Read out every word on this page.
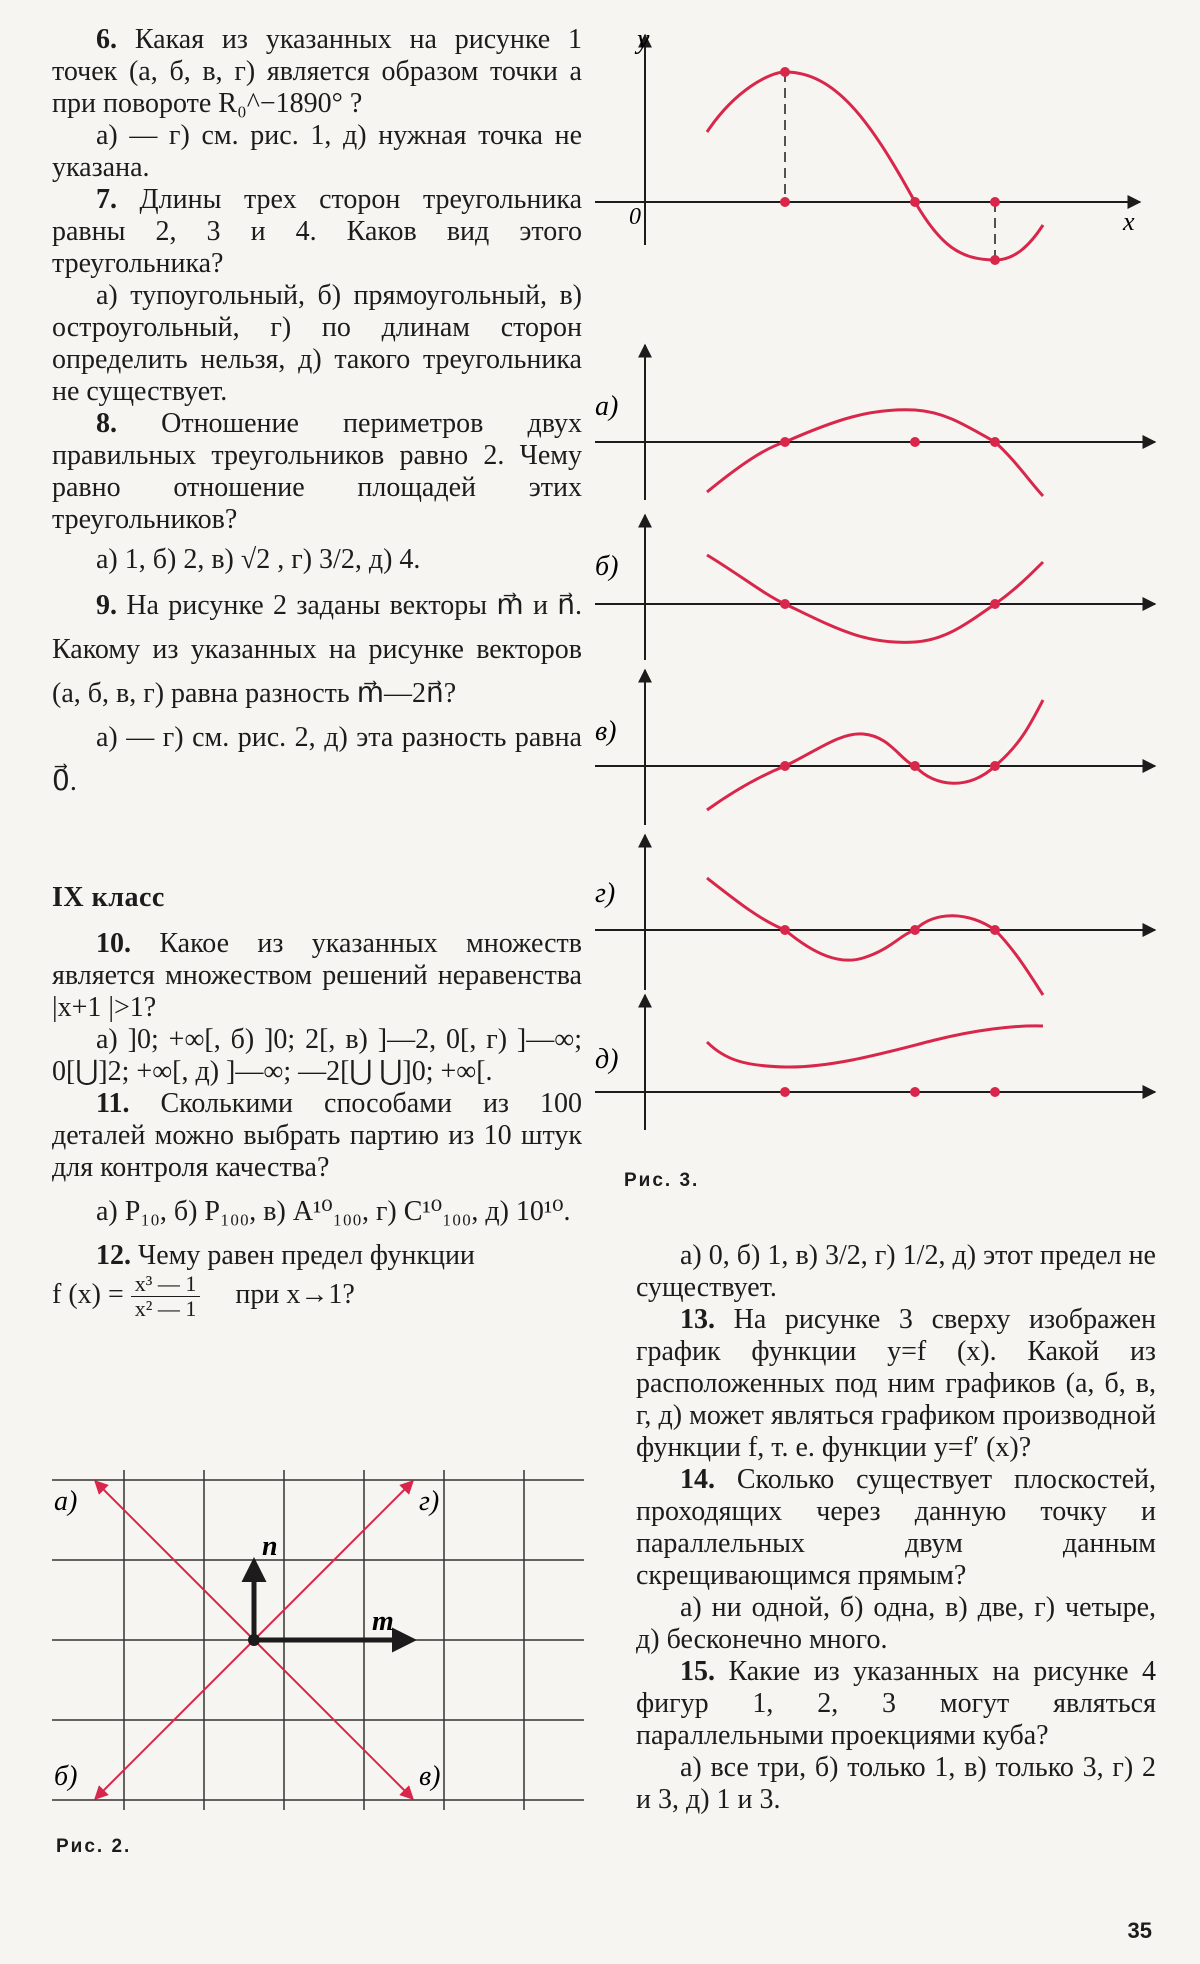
6. Какая из указанных на рисунке 1 точек (а, б, в, г) является образом точки a при повороте R₀^−1890° ?

а) — г) см. рис. 1, д) нужная точка не указана.

7. Длины трех сторон треугольника равны 2, 3 и 4. Каков вид этого треугольника?

а) тупоугольный, б) прямоугольный, в) остроугольный, г) по длинам сторон определить нельзя, д) такого треугольника не существует.

8. Отношение периметров двух правильных треугольников равно 2. Чему равно отношение площадей этих треугольников?

а) 1, б) 2, в) √2 , г) 3/2, д) 4.

9. На рисунке 2 заданы векторы m⃗ и n⃗. Какому из указанных на рисунке векторов (а, б, в, г) равна разность m⃗—2n⃗?

а) — г) см. рис. 2, д) эта разность равна 0⃗.

IX класс

10. Какое из указанных множеств является множеством решений неравенства |x+1 |>1?

а) ]0; +∞[, б) ]0; 2[, в) ]—2, 0[, г) ]—∞; 0[⋃]2; +∞[, д) ]—∞; —2[⋃ ⋃]0; +∞[.

11. Сколькими способами из 100 деталей можно выбрать партию из 10 штук для контроля качества?

а) P₁₀, б) P₁₀₀, в) A¹⁰₁₀₀, г) C¹⁰₁₀₀, д) 10¹⁰.

12. Чему равен предел функции
f $(x) = \frac{\text{x³ — 1}}{\text{x² — 1}}$ при x→1?

а)	г)
б)	в)
n⃗
m⃗
Рис. 2.
y
x
0
а)
б)
в)
г)
д)
Рис. 3.

а) 0, б) 1, в) 3/2, г) 1/2, д) этот предел не существует.

13. На рисунке 3 сверху изображен график функции y=f (x). Какой из расположенных под ним графиков (а, б, в, г, д) может являться графиком производной функции f, т. е. функции y=f′ (x)?

14. Сколько существует плоскостей, проходящих через данную точку и параллельных двум данным скрещивающимся прямым?

а) ни одной, б) одна, в) две, г) четыре, д) бесконечно много.

15. Какие из указанных на рисунке 4 фигур 1, 2, 3 могут являться параллельными проекциями куба?

а) все три, б) только 1, в) только 3, г) 2 и 3, д) 1 и 3.

35
